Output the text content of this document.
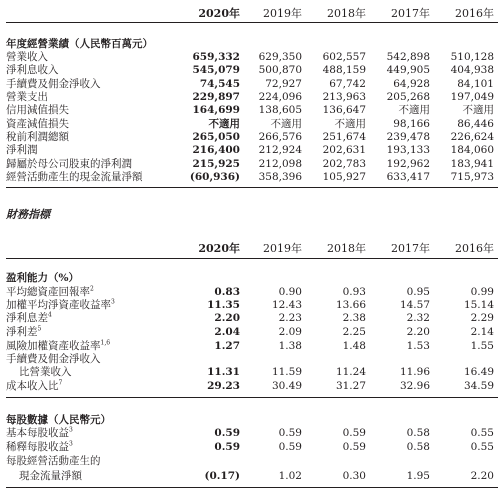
2020年 2019年 2018年 2017年 2016年
年度經營業績（人民幣百萬元）
營業收入	659,332 629,350 602,557 542,898 510,128
淨利息收入	545,079 500,870 488,159 449,905 404,938
手續費及佣金淨收入	74,545 72,927	67,742	64,928	84,101
營業支出	229,897 224,096 213,963 205,268 197,049
信用減值損失	164,699 138,605 136,647	不適用	不適用
資產減值損失	不適用	不適用	不適用	98,166	86,446
稅前利潤總額	265,050 266,576 251,674 239,478 226,624
淨利潤	216,400 212,924 202,631 193,133 184,060
歸屬於母公司股東的淨利潤	215,925 212,098 202,783 192,962 183,941
經營活動產生的現金流量淨額	(60,936) 358,396 105,927 633,417 715,973
財務指標
2020年 2019年 2018年 2017年 2016年
盈利能力（%）
平均總資產回報率$^2$	0.83	0.90	0.93	0.95	0.99
加權平均淨資產收益率$^3$	11.35	12.43	13.66	14.57	15.14
淨利息差$^4$	2.20	2.23	2.38	2.32	2.29
淨利差$^5$	2.04	2.09	2.25	2.20	2.14
風險加權資產收益率$^{1,6}$	1.27	1.38	1.48	1.53	1.55
手續費及佣金淨收入
比營業收入	11.31	11.59	11.24	11.96	16.49
成本收入比$^7$	29.23	30.49	31.27	32.96	34.59
每股數據（人民幣元）
基本每股收益$^3$	0.59	0.59	0.59	0.58	0.55
稀釋每股收益$^3$	0.59	0.59	0.59	0.58	0.55
每股經營活動產生的
現金流量淨額	(0.17)	1.02	0.30	1.95	2.20
